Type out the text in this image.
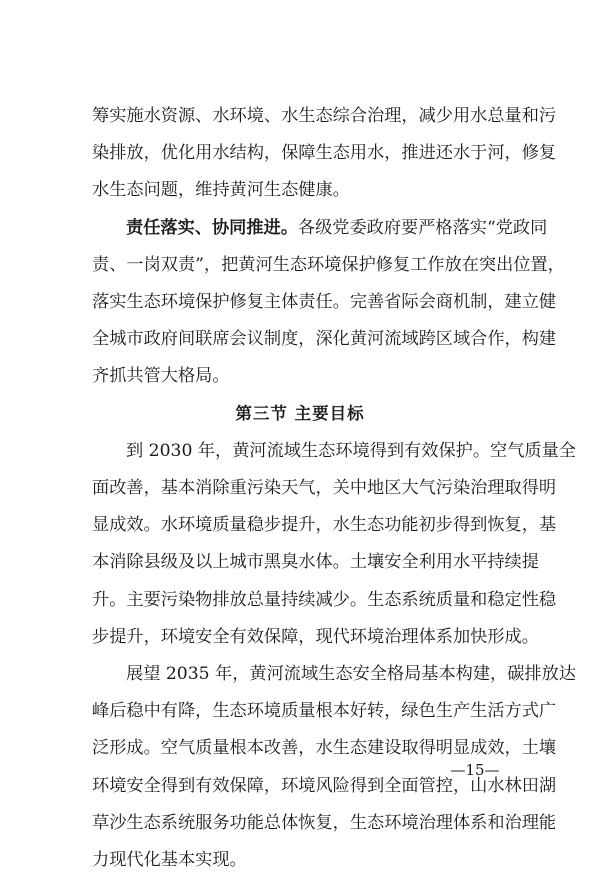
筹实施水资源、水环境、水生态综合治理，减少用水总量和污
染排放，优化用水结构，保障生态用水，推进还水于河，修复
水生态问题，维持黄河生态健康。
责任落实、协同推进。各级党委政府要严格落实“党政同
责、一岗双责”，把黄河生态环境保护修复工作放在突出位置，
落实生态环境保护修复主体责任。完善省际会商机制，建立健
全城市政府间联席会议制度，深化黄河流域跨区域合作，构建
第三节 主要目标
到 2030 年，黄河流域生态环境得到有效保护。空气质量全
面改善，基本消除重污染天气，关中地区大气污染治理取得明
显成效。水环境质量稳步提升，水生态功能初步得到恢复，基
本消除县级及以上城市黑臭水体。土壤安全利用水平持续提
升。主要污染物排放总量持续减少。生态系统质量和稳定性稳
步提升，环境安全有效保障，现代环境治理体系加快形成。
展望 2035 年，黄河流域生态安全格局基本构建，碳排放达
峰后稳中有降，生态环境质量根本好转，绿色生产生活方式广
泛形成。空气质量根本改善，水生态建设取得明显成效，土壤
环境安全得到有效保障，环境风险得到全面管控，山水林田湖
—15—
齐抓共管大格局。
草沙生态系统服务功能总体恢复，生态环境治理体系和治理能
力现代化基本实现。
